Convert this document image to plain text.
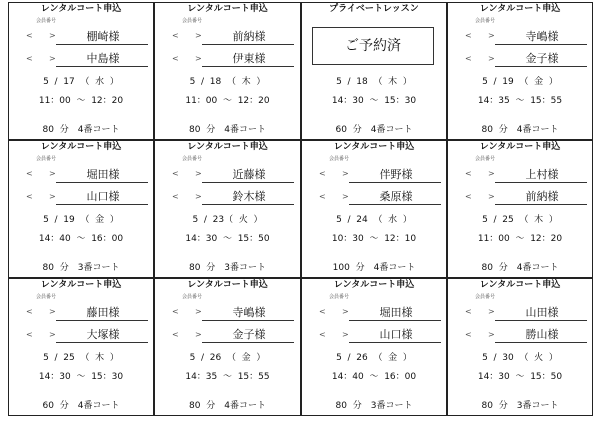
レンタルコート申込
会員番号
< >	棚崎様
< >	中島様
5  /  17  （  水  ）
11：00  ～  12：20
80  分　 4番コート
レンタルコート申込
会員番号
< >	前納様
< >	伊東様
5  /  18  （  木  ）
11：00  ～  12：20
80  分　 4番コート
プライベートレッスン
ご予約済
5  /  18  （  木  ）
14：30  ～  15：30
60  分　 4番コート
レンタルコート申込
会員番号
< >	寺嶋様
< >	金子様
5  /  19  （  金  ）
14：35  ～  15：55
80  分　 4番コート
レンタルコート申込
会員番号
< >	堀田様
< >	山口様
5  /  19  （  金  ）
14：40  ～  16：00
80  分　 3番コート
レンタルコート申込
会員番号
< >	近藤様
< >	鈴木様
5  /  23（  火  ）
14：30  ～  15：50
80  分　 3番コート
レンタルコート申込
会員番号
< >	伴野様
< >	桑原様
5  /  24  （  水  ）
10：30  ～  12：10
100  分　 4番コート
レンタルコート申込
会員番号
< >	上村様
< >	前納様
5  /  25  （  木  ）
11：00  ～  12：20
80  分　 4番コート
レンタルコート申込
会員番号
< >	藤田様
< >	大塚様
5  /  25  （  木  ）
14：30  ～  15：30
60  分　 4番コート
レンタルコート申込
会員番号
< >	寺嶋様
< >	金子様
5  /  26  （  金  ）
14：35  ～  15：55
80  分　 4番コート
レンタルコート申込
会員番号
< >	堀田様
< >	山口様
5  /  26  （  金  ）
14：40  ～  16：00
80  分　 3番コート
レンタルコート申込
会員番号
< >	山田様
< >	勝山様
5  /  30  （  火  ）
14：30  ～  15：50
80  分　 3番コート
